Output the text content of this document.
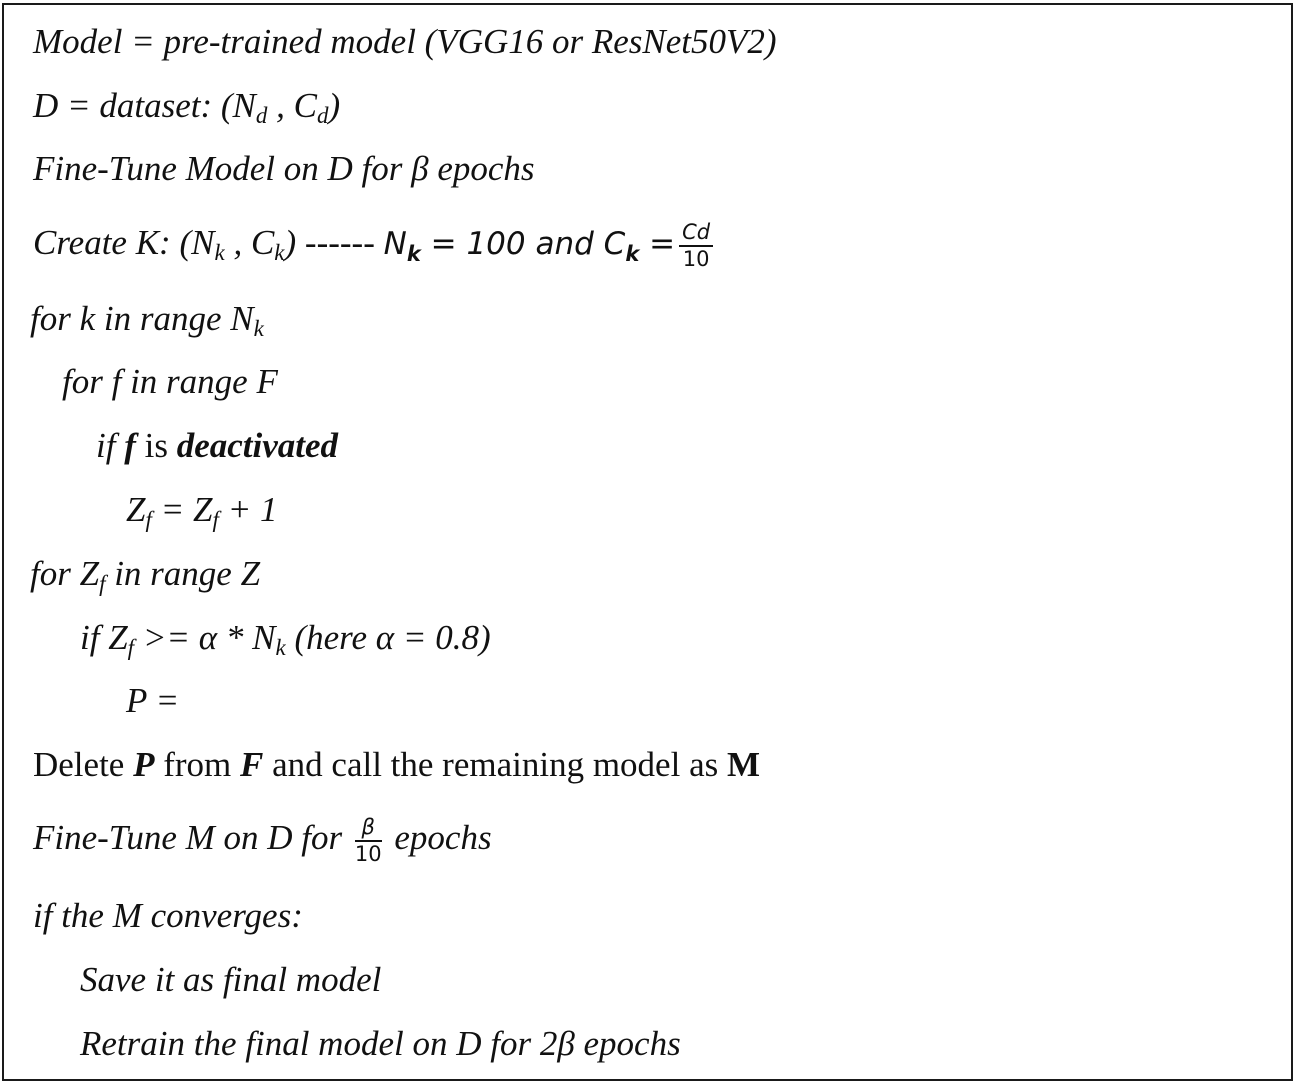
Model = pre-trained model (VGG16 or ResNet50V2)
D = dataset: (Nd , Cd)
Fine-Tune Model on D for β epochs
Create K: (Nk , Ck) ------ $N_k = 100$ and $C_k = \frac{Cd}{10}$
for k in range Nk
for f in range F
if f is deactivated
Zf = Zf + 1
for Zf in range Z
if Zf >= α * Nk (here α = 0.8)
P =
Delete P from F and call the remaining model as M
Fine-Tune M on D for $\frac{\beta}{10}$ epochs
if the M converges:
Save it as final model
Retrain the final model on D for 2β epochs
